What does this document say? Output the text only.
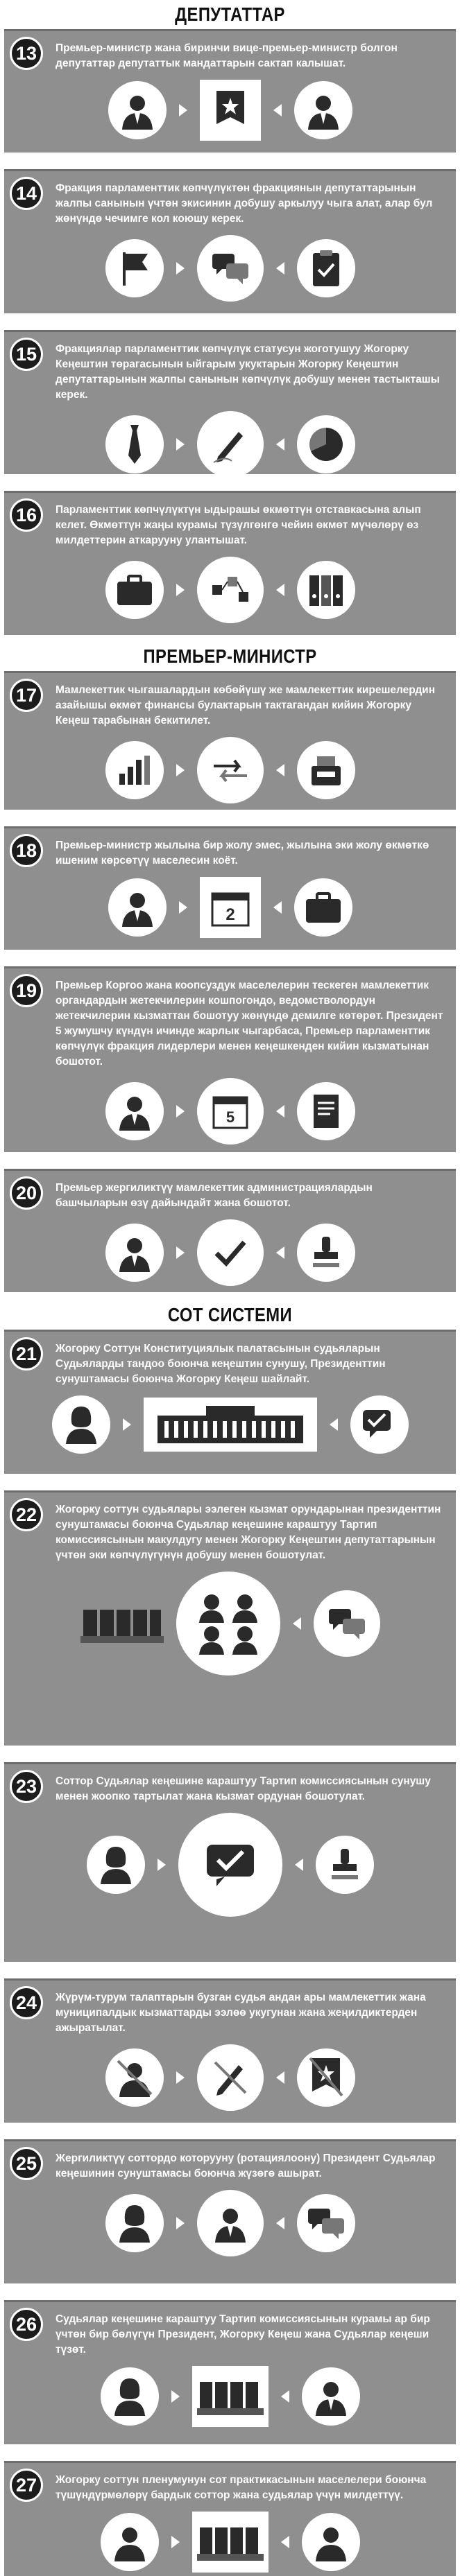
ДЕПУТАТТАР
13	Премьер-министр жана биринчи вице-премьер-министр болгон депутаттар депутаттык мандаттарын сактап калышат.
14	Фракция парламенттик көпчүлүктөн фракциянын депутаттарынын жалпы санынын үчтөн экисинин добушу аркылуу чыга алат, алар бул жөнүндө чечимге кол коюшу керек.
15	Фракциялар парламенттик көпчүлүк статусун жоготушуу Жогорку Кеңештин төрагасынын ыйгарым укуктарын Жогорку Кеңештин депутаттарынын жалпы санынын көпчүлүк добушу менен тастыкташы керек.
16	Парламенттик көпчүлүктүн ыдырашы өкмөттүн отставкасына алып келет. Өкмөттүн жаңы курамы түзүлгөнгө чейин өкмөт мүчөлөрү өз милдеттерин аткарууну улантышат.
ПРЕМЬЕР-МИНИСТР
17	Мамлекеттик чыгашалардын көбөйүшү же мамлекеттик кирешелердин азайышы өкмөт финансы булактарын тактагандан кийин Жогорку Кеңеш тарабынан бекитилет.
18	Премьер-министр жылына бир жолу эмес, жылына эки жолу өкмөткө ишеним көрсөтүү маселесин коёт.
2
19	Премьер Коргоо жана коопсуздук маселелерин тескеген мамлекеттик органдардын жетекчилерин кошпогондо, ведомстволордун жетекчилерин кызматтан бошотуу жөнүндө демилге көтөрөт. Президент 5 жумушчу күндүн ичинде жарлык чыгарбаса, Премьер парламенттик көпчүлүк фракция лидерлери менен кеңешкенден кийин кызматынан бошотот.
5
20	Премьер жергиликтүү мамлекеттик администрациялардын башчыларын өзү дайындайт жана бошотот.
СОТ СИСТЕМИ
21	Жогорку Соттун Конституциялык палатасынын судьяларын Судьяларды тандоо боюнча кеңештин сунушу, Президенттин сунуштамасы боюнча Жогорку Кеңеш шайлайт.
22	Жогорку соттун судьялары ээлеген кызмат орундарынан президенттин сунуштамасы боюнча Судьялар кеңешине караштуу Тартип комиссиясынын макулдугу менен Жогорку Кеңештин депутаттарынын үчтөн эки көпчүлүгүнүн добушу менен бошотулат.
23	Соттор Судьялар кеңешине караштуу Тартип комиссиясынын сунушу менен жоопко тартылат жана кызмат ордунан бошотулат.
24	Жүрүм-турум талаптарын бузган судья андан ары мамлекеттик жана муниципалдык кызматтарды ээлөө укугунан жана жеңилдиктерден ажыратылат.
25	Жергиликтүү соттордо которууну (ротациялоону) Президент Судьялар кеңешинин сунуштамасы боюнча жүзөгө ашырат.
26	Судьялар кеңешине караштуу Тартип комиссиясынын курамы ар бир үчтөн бир бөлүгүн Президент, Жогорку Кеңеш жана Судьялар кеңеши түзөт.
27	Жогорку соттун пленумунун сот практикасынын маселелери боюнча түшүндүрмөлөрү бардык соттор жана судьялар үчүн милдеттүү.
